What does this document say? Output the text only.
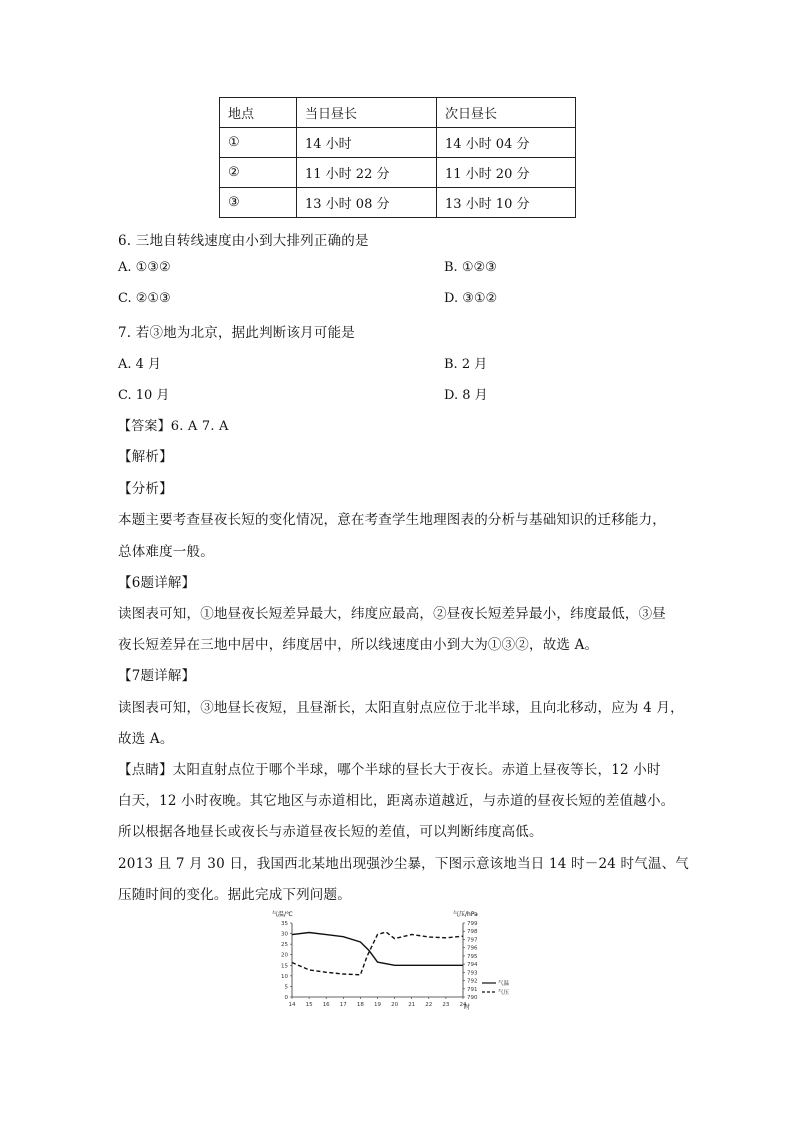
地点	当日昼长	次日昼长
①	14 小时	14 小时 04 分
②	11 小时 22 分	11 小时 20 分
③	13 小时 08 分	13 小时 10 分
6. 三地自转线速度由小到大排列正确的是
A. ①③②	B. ①②③
C. ②①③	D. ③①②
7. 若③地为北京，据此判断该月可能是
A. 4 月	B. 2 月
C. 10 月	D. 8 月
【答案】6. A 7. A
【解析】
【分析】
本题主要考查昼夜长短的变化情况，意在考查学生地理图表的分析与基础知识的迁移能力，
总体难度一般。
【6题详解】
读图表可知，①地昼夜长短差异最大，纬度应最高，②昼夜长短差异最小，纬度最低，③昼
夜长短差异在三地中居中，纬度居中，所以线速度由小到大为①③②，故选 A。
【7题详解】
读图表可知，③地昼长夜短，且昼渐长，太阳直射点应位于北半球，且向北移动，应为 4 月，
故选 A。
【点睛】太阳直射点位于哪个半球，哪个半球的昼长大于夜长。赤道上昼夜等长，12 小时
白天，12 小时夜晚。其它地区与赤道相比，距离赤道越近，与赤道的昼夜长短的差值越小。
所以根据各地昼长或夜长与赤道昼夜长短的差值，可以判断纬度高低。
2013 且 7 月 30 日，我国西北某地出现强沙尘暴，下图示意该地当日 14 时－24 时气温、气
压随时间的变化。据此完成下列问题。
气温/℃	气压/hPa
时
0
5
10
15
20
25
30
35
790
791
792
793
794
795
796
797
798
799
14 15 16 17 18 19 20 21 22 23 24
气温
气压
